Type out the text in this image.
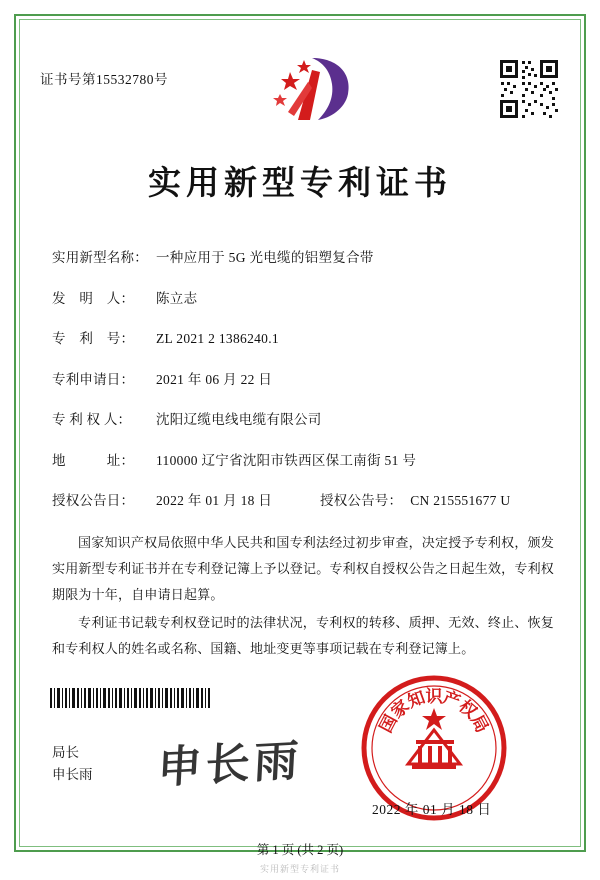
证书号第15532780号
实用新型专利证书
实用新型名称： 一种应用于 5G 光电缆的铝塑复合带
发　明　人：	陈立志
专　利　号：	ZL 2021 2 1386240.1
专利申请日：	2021 年 06 月 22 日
专 利 权 人：	沈阳辽缆电线电缆有限公司
地　　　址：	110000 辽宁省沈阳市铁西区保工南街 51 号
授权公告日：	2022 年 01 月 18 日	授权公告号： CN 215551677 U
国家知识产权局依照中华人民共和国专利法经过初步审查，决定授予专利权，颁发实用新型专利证书并在专利登记簿上予以登记。专利权自授权公告之日起生效，专利权期限为十年，自申请日起算。
专利证书记载专利权登记时的法律状况，专利权的转移、质押、无效、终止、恢复和专利权人的姓名或名称、国籍、地址变更等事项记载在专利登记簿上。
局长
申长雨 申长雨
国
家
知
识
产
权
局
2022 年 01 月 18 日
第 1 页 (共 2 页)
实用新型专利证书
